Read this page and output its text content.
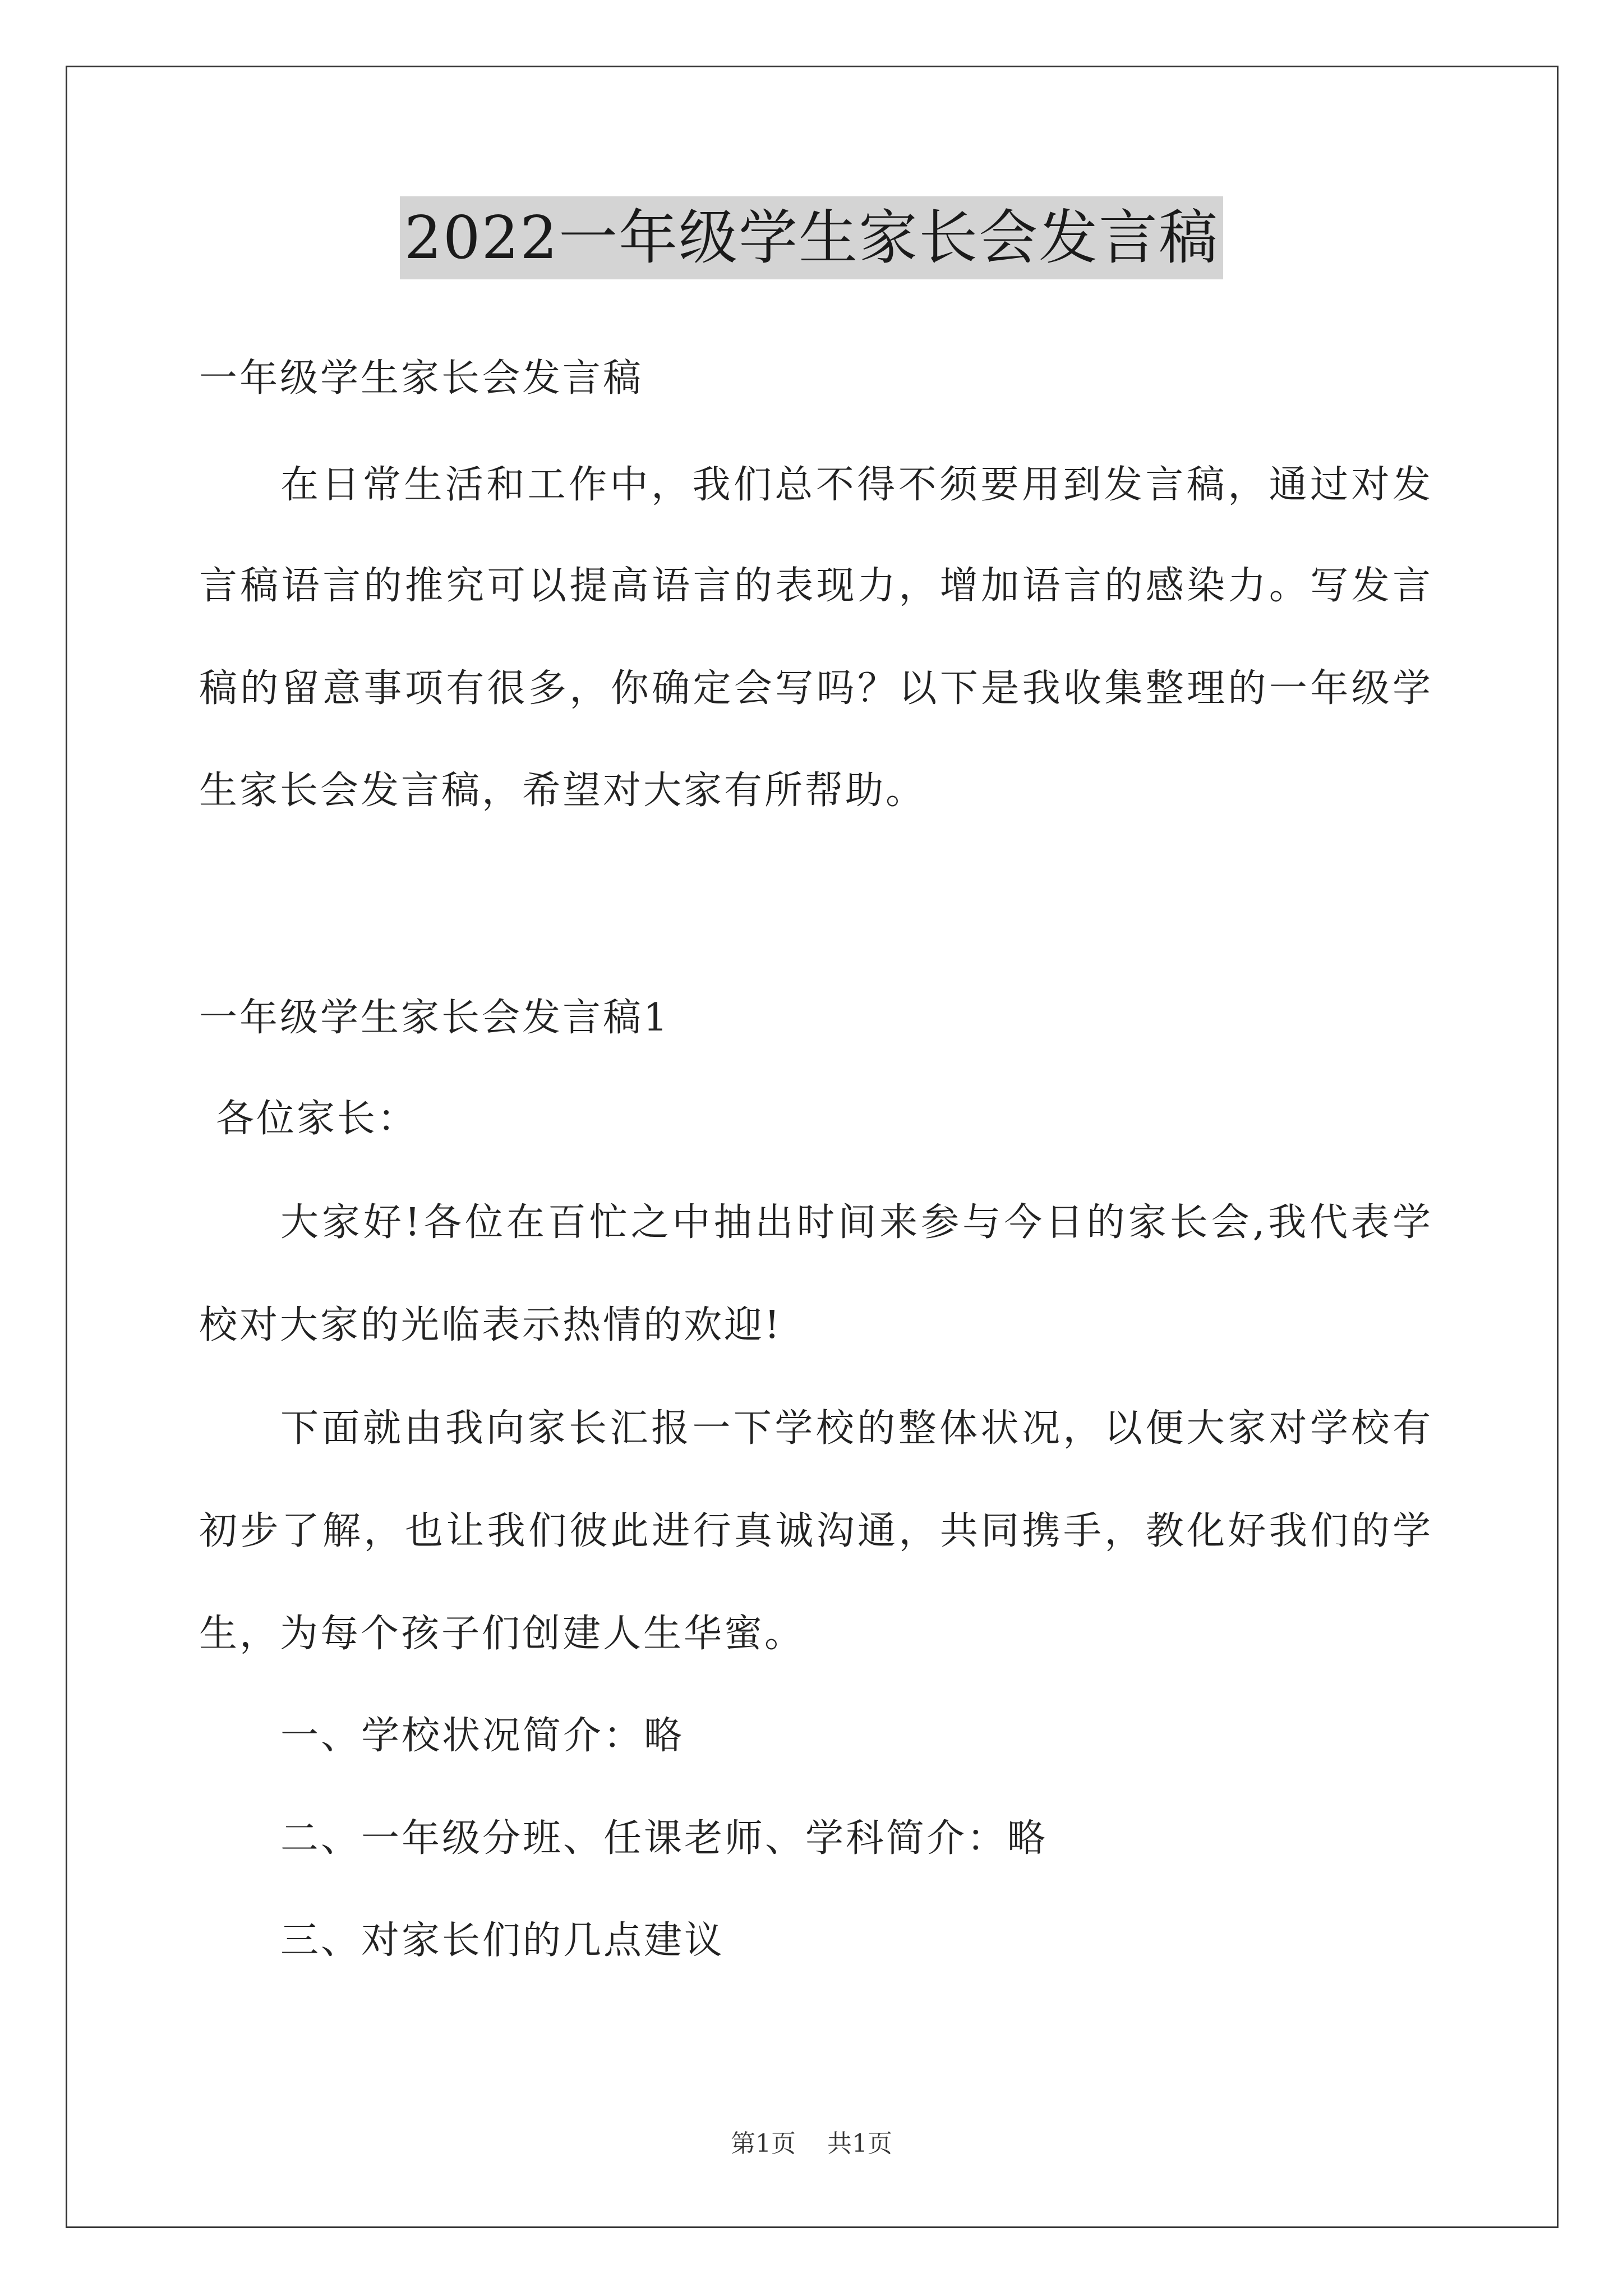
2022一年级学生家长会发言稿

一年级学生家长会发言稿

在日常生活和工作中，我们总不得不须要用到发言稿，通过对发

言稿语言的推究可以提高语言的表现力，增加语言的感染力。写发言

稿的留意事项有很多，你确定会写吗？以下是我收集整理的一年级学

生家长会发言稿，希望对大家有所帮助。

一年级学生家长会发言稿1

各位家长：

大家好!各位在百忙之中抽出时间来参与今日的家长会,我代表学

校对大家的光临表示热情的欢迎!

下面就由我向家长汇报一下学校的整体状况，以便大家对学校有

初步了解，也让我们彼此进行真诚沟通，共同携手，教化好我们的学

生，为每个孩子们创建人生华蜜。

一、学校状况简介：略

二、一年级分班、任课老师、学科简介：略

三、对家长们的几点建议

第1页 共1页
